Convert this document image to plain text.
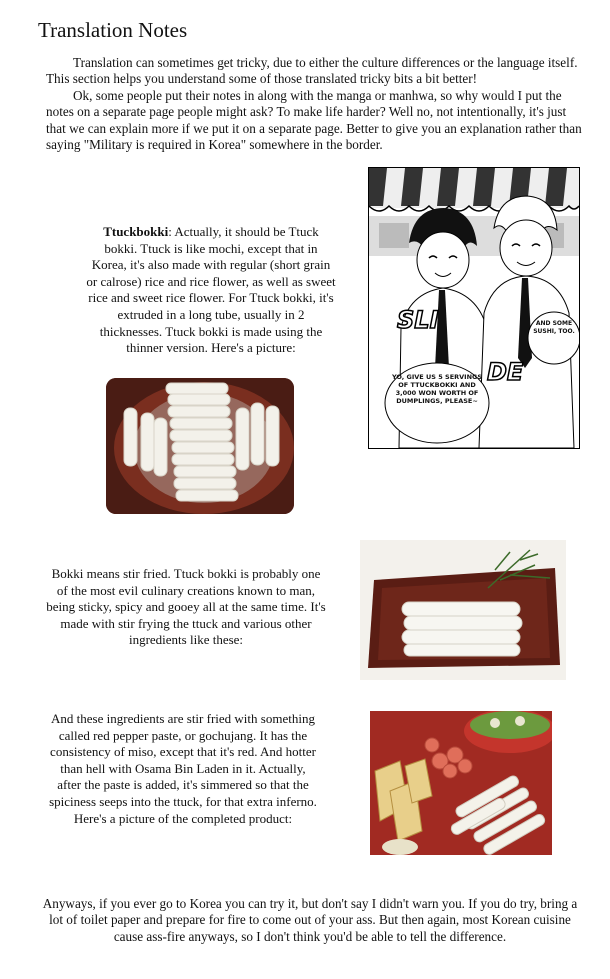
Translation Notes

Translation can sometimes get tricky, due to either the culture differences or the language itself. This section helps you understand some of those translated tricky bits a bit better!

Ok, some people put their notes in along with the manga or manhwa, so why would I put the notes on a separate page people might ask? To make life harder? Well no, not intentionally, it's just that we can explain more if we put it on a separate page. Better to give you an explanation rather than saying "Military is required in Korea" somewhere in the border.

SLI
DE
AND SOME SUSHI, TOO.
YO, GIVE US 5 SERVINGS OF TTUCKBOKKI AND 3,000 WON WORTH OF DUMPLINGS, PLEASE~
Ttuckbokki: Actually, it should be Ttuck bokki. Ttuck is like mochi, except that in Korea, it's also made with regular (short grain or calrose) rice and rice flower, as well as sweet rice and sweet rice flower. For Ttuck bokki, it's extruded in a long tube, usually in 2 thicknesses. Ttuck bokki is made using the thinner version. Here's a picture:
Bokki means stir fried. Ttuck bokki is probably one of the most evil culinary creations known to man, being sticky, spicy and gooey all at the same time. It's made with stir frying the ttuck and various other ingredients like these:
And these ingredients are stir fried with something called red pepper paste, or gochujang. It has the consistency of miso, except that it's red. And hotter than hell with Osama Bin Laden in it. Actually, after the paste is added, it's simmered so that the spiciness seeps into the ttuck, for that extra inferno. Here's a picture of the completed product:
Anyways, if you ever go to Korea you can try it, but don't say I didn't warn you. If you do try, bring a lot of toilet paper and prepare for fire to come out of your ass. But then again, most Korean cuisine cause ass-fire anyways, so I don't think you'd be able to tell the difference.
